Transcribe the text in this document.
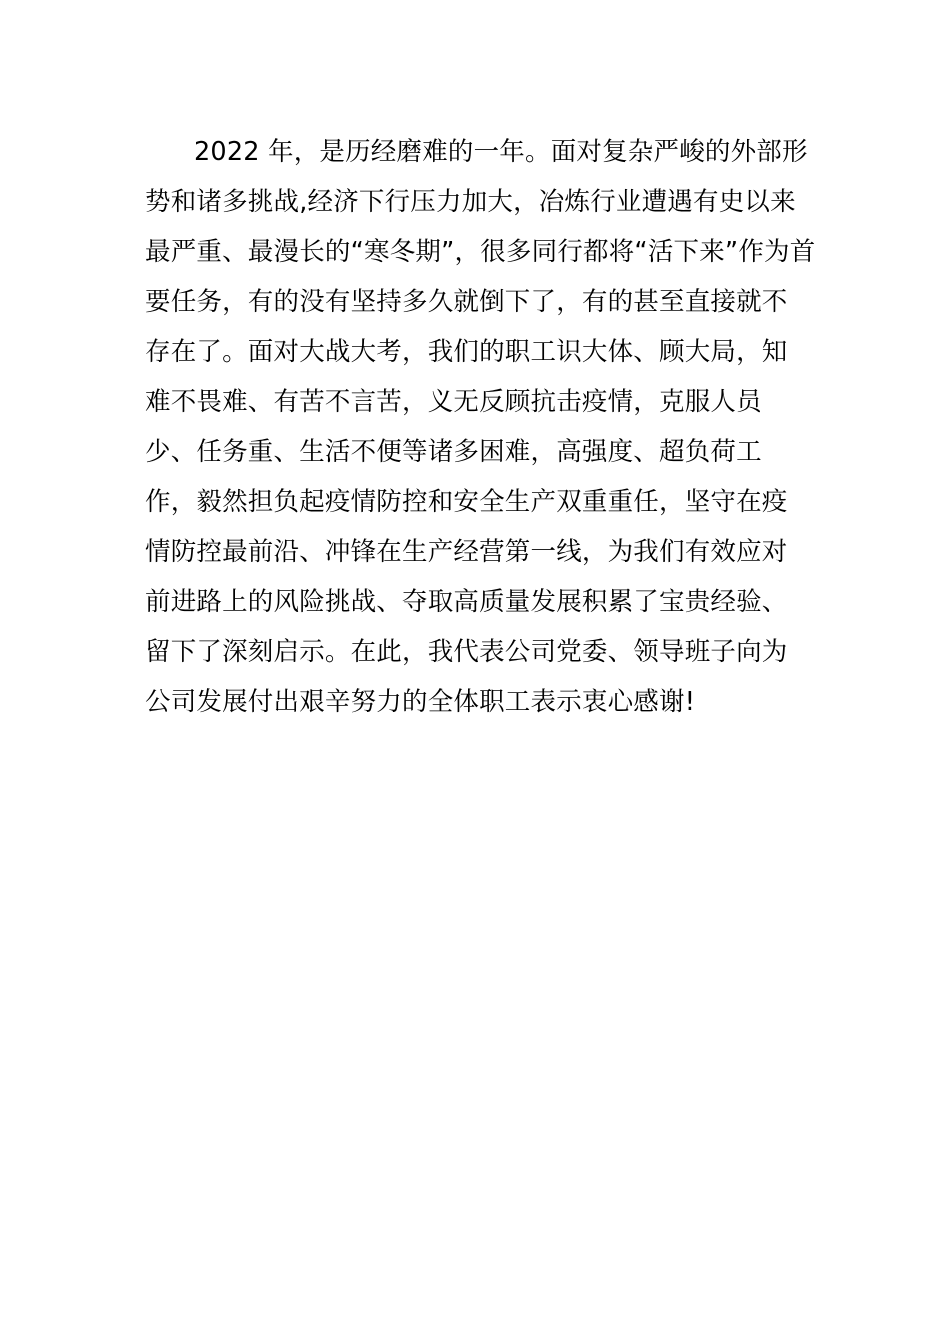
2022 年，是历经磨难的一年。面对复杂严峻的外部形
势和诸多挑战,经济下行压力加大，冶炼行业遭遇有史以来
最严重、最漫长的“寒冬期”，很多同行都将“活下来”作为首
要任务，有的没有坚持多久就倒下了，有的甚至直接就不
存在了。面对大战大考，我们的职工识大体、顾大局，知
难不畏难、有苦不言苦，义无反顾抗击疫情，克服人员
少、任务重、生活不便等诸多困难，高强度、超负荷工
作，毅然担负起疫情防控和安全生产双重重任，坚守在疫
情防控最前沿、冲锋在生产经营第一线，为我们有效应对
前进路上的风险挑战、夺取高质量发展积累了宝贵经验、
留下了深刻启示。在此，我代表公司党委、领导班子向为
公司发展付出艰辛努力的全体职工表示衷心感谢!
